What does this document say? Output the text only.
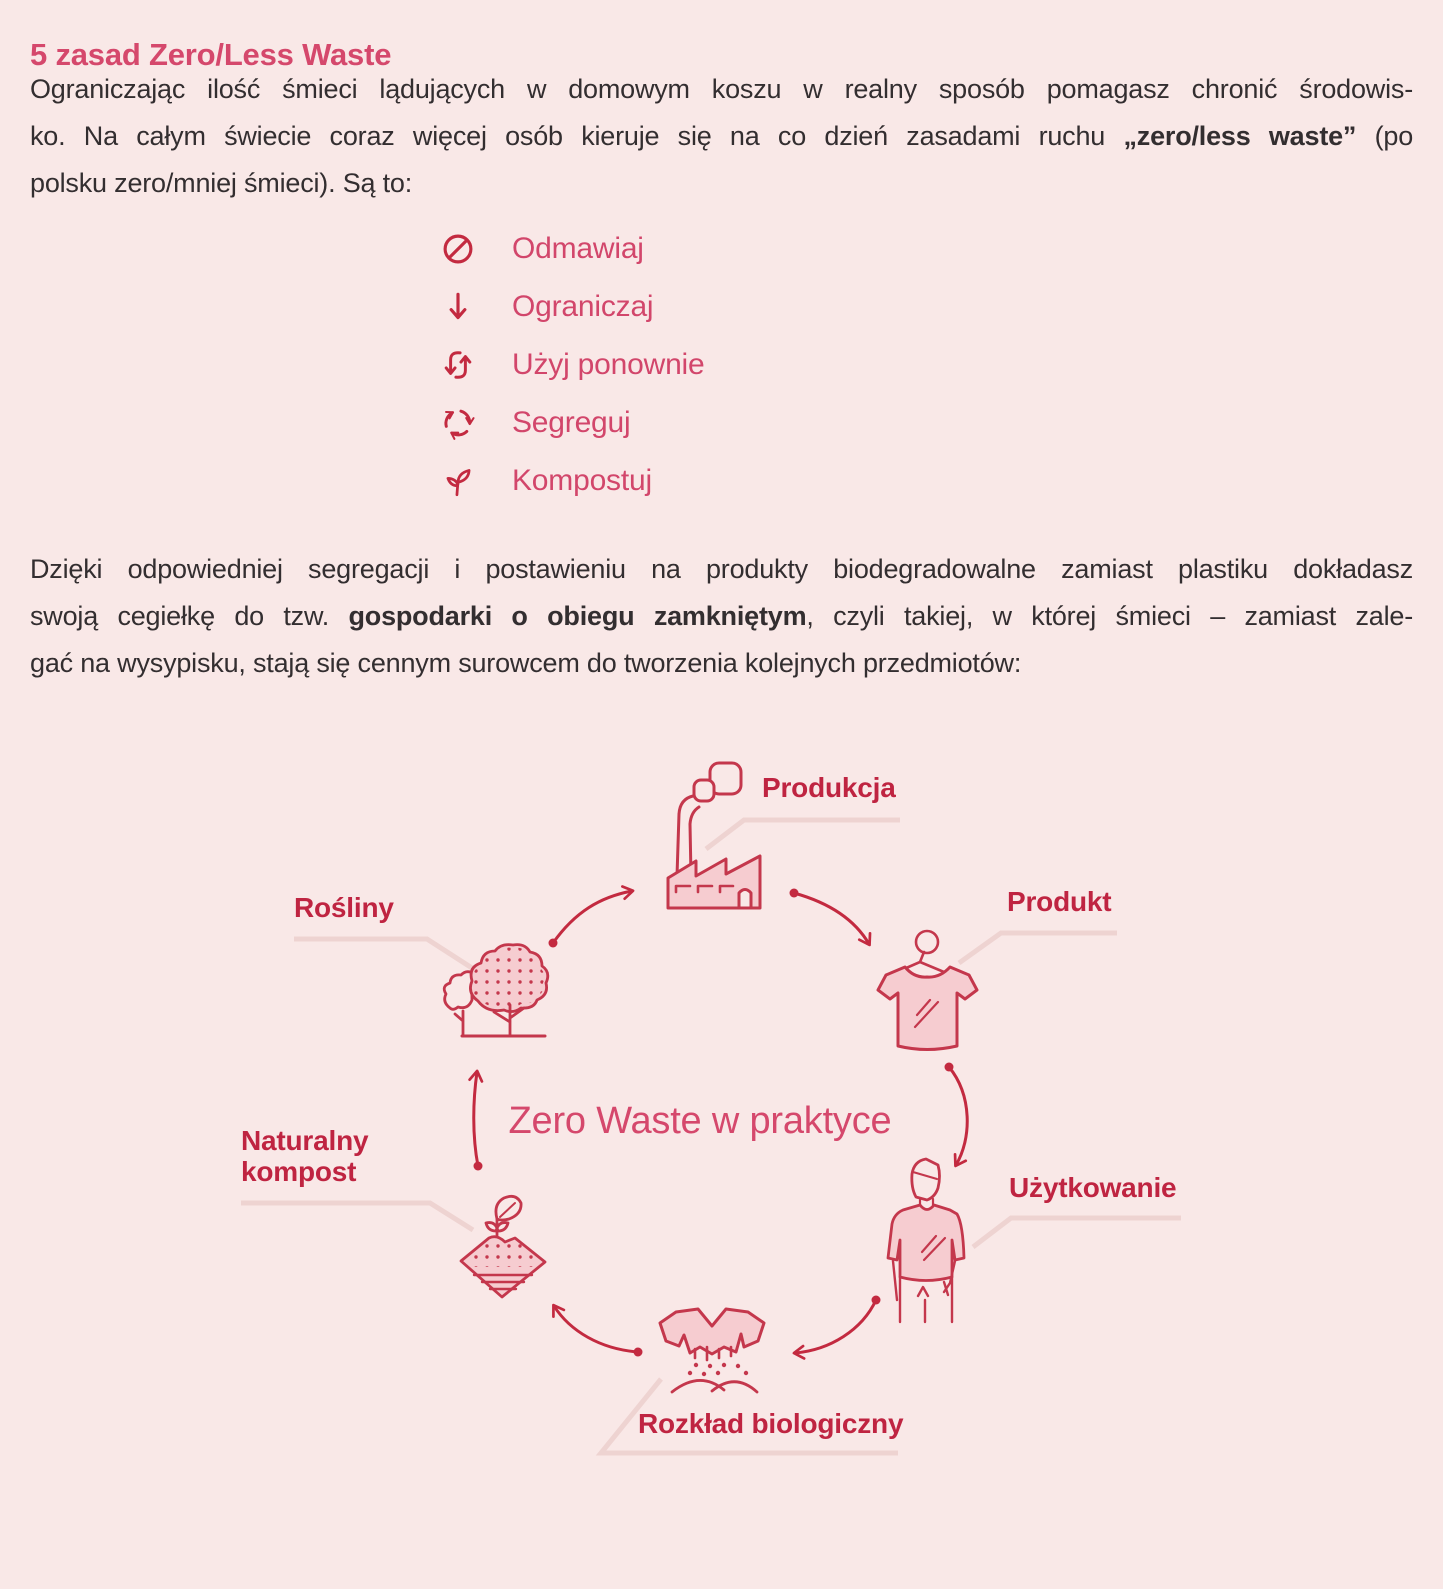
5 zasad Zero/Less Waste
Ograniczając ilość śmieci lądujących w domowym koszu w realny sposób pomagasz chronić środowis-
ko. Na całym świecie coraz więcej osób kieruje się na co dzień zasadami ruchu „zero/less waste” (po
polsku zero/mniej śmieci). Są to:
Odmawiaj
Ograniczaj
Użyj ponownie
Segreguj
Kompostuj
Dzięki odpowiedniej segregacji i postawieniu na produkty biodegradowalne zamiast plastiku dokładasz
swoją cegiełkę do tzw. gospodarki o obiegu zamkniętym, czyli takiej, w której śmieci – zamiast zale-
gać na wysypisku, stają się cennym surowcem do tworzenia kolejnych przedmiotów:
Zero Waste w praktyce
Produkcja
Produkt
Użytkowanie
Rozkład biologiczny
Naturalny kompost
Rośliny
